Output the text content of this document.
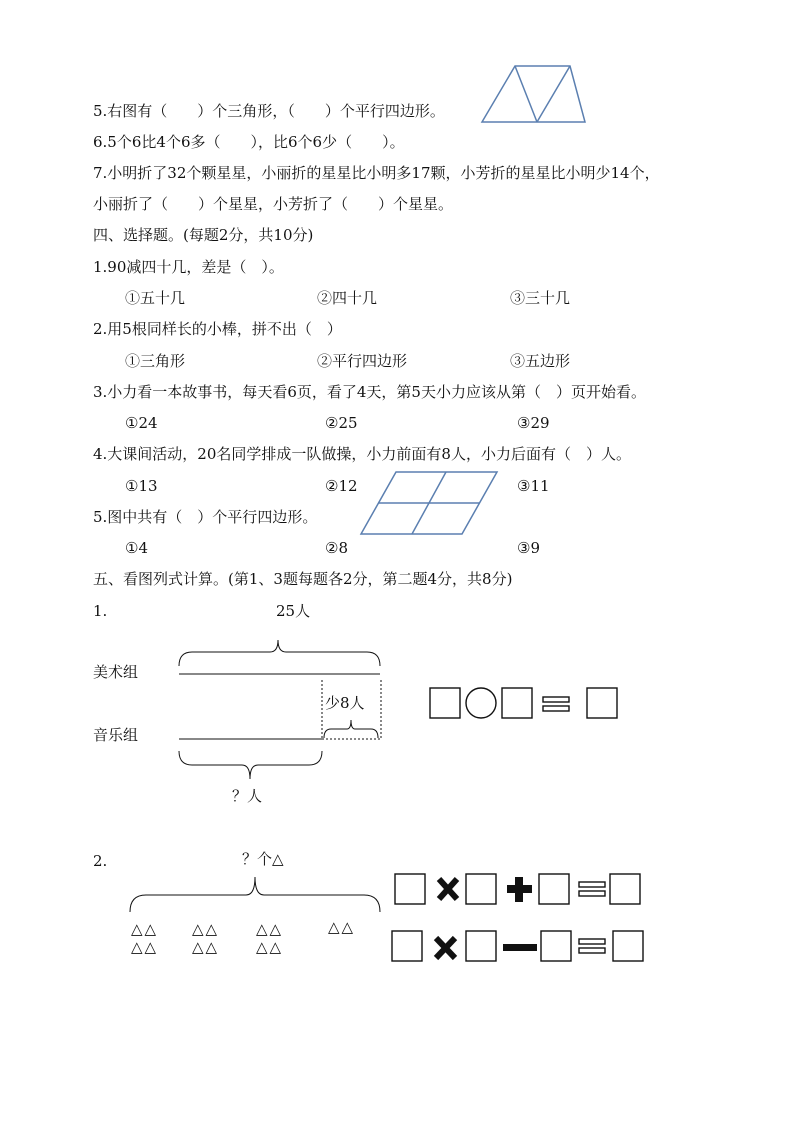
5.右图有（　　）个三角形，（　　）个平行四边形。
6.5个6比4个6多（　　），比6个6少（　　）。
7.小明折了32个颗星星，小丽折的星星比小明多17颗，小芳折的星星比小明少14个，
小丽折了（　　）个星星，小芳折了（　　）个星星。
四、选择题。(每题2分，共10分)
1.90减四十几，差是（　）。
①五十几	②四十几	③三十几
2.用5根同样长的小棒，拼不出（　）
①三角形	②平行四边形	③五边形
3.小力看一本故事书，每天看6页，看了4天，第5天小力应该从第（　）页开始看。
①24	②25	③29
4.大课间活动，20名同学排成一队做操，小力前面有8人，小力后面有（　）人。
①13	②12	③11
5.图中共有（　）个平行四边形。
①4	②8	③9
五、看图列式计算。(第1、3题每题各2分，第二题4分，共8分)
1.	25人
美术组
少8人
音乐组
？人
2.	？个△
△△
△△
△△
△△
△△
△△
△△
